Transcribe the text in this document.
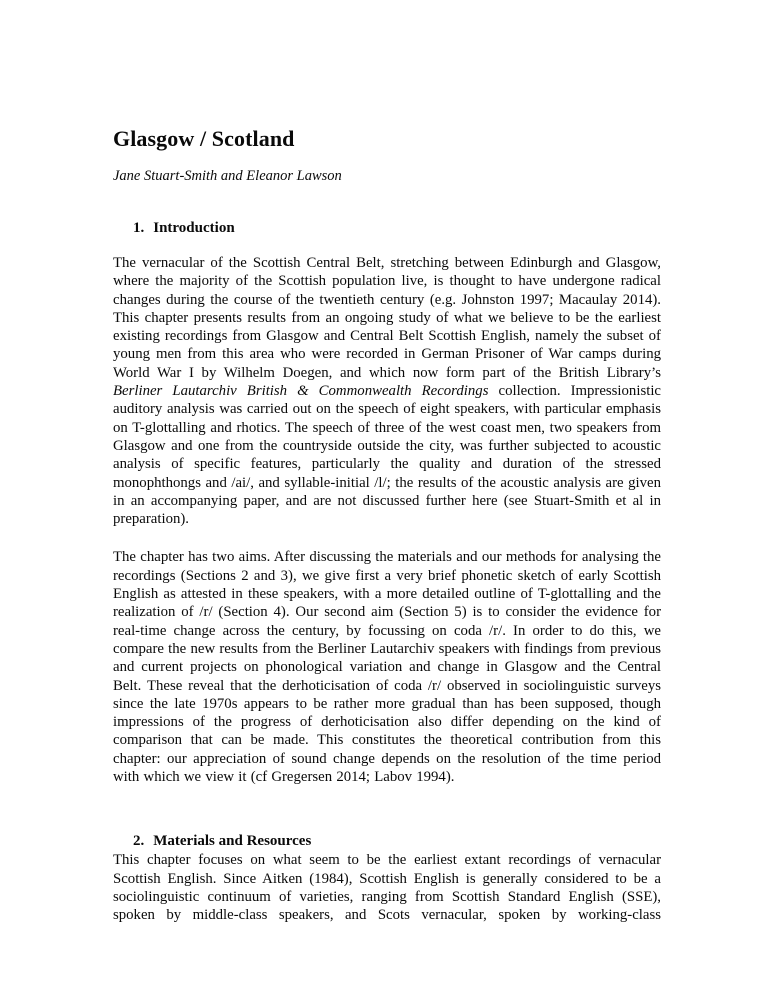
Glasgow / Scotland

Jane Stuart-Smith and Eleanor Lawson

1. Introduction

The vernacular of the Scottish Central Belt, stretching between Edinburgh and Glasgow, where the majority of the Scottish population live, is thought to have undergone radical changes during the course of the twentieth century (e.g. Johnston 1997; Macaulay 2014). This chapter presents results from an ongoing study of what we believe to be the earliest existing recordings from Glasgow and Central Belt Scottish English, namely the subset of young men from this area who were recorded in German Prisoner of War camps during World War I by Wilhelm Doegen, and which now form part of the British Library’s Berliner Lautarchiv British & Commonwealth Recordings collection. Impressionistic auditory analysis was carried out on the speech of eight speakers, with particular emphasis on T-glottalling and rhotics. The speech of three of the west coast men, two speakers from Glasgow and one from the countryside outside the city, was further subjected to acoustic analysis of specific features, particularly the quality and duration of the stressed monophthongs and /ai/, and syllable-initial /l/; the results of the acoustic analysis are given in an accompanying paper, and are not discussed further here (see Stuart-Smith et al in preparation).

The chapter has two aims. After discussing the materials and our methods for analysing the recordings (Sections 2 and 3), we give first a very brief phonetic sketch of early Scottish English as attested in these speakers, with a more detailed outline of T-glottalling and the realization of /r/ (Section 4). Our second aim (Section 5) is to consider the evidence for real-time change across the century, by focussing on coda /r/. In order to do this, we compare the new results from the Berliner Lautarchiv speakers with findings from previous and current projects on phonological variation and change in Glasgow and the Central Belt. These reveal that the derhoticisation of coda /r/ observed in sociolinguistic surveys since the late 1970s appears to be rather more gradual than has been supposed, though impressions of the progress of derhoticisation also differ depending on the kind of comparison that can be made. This constitutes the theoretical contribution from this chapter: our appreciation of sound change depends on the resolution of the time period with which we view it (cf Gregersen 2014; Labov 1994).

2. Materials and Resources

This chapter focuses on what seem to be the earliest extant recordings of vernacular Scottish English. Since Aitken (1984), Scottish English is generally considered to be a sociolinguistic continuum of varieties, ranging from Scottish Standard English (SSE), spoken by middle-class speakers, and Scots vernacular, spoken by working-class
